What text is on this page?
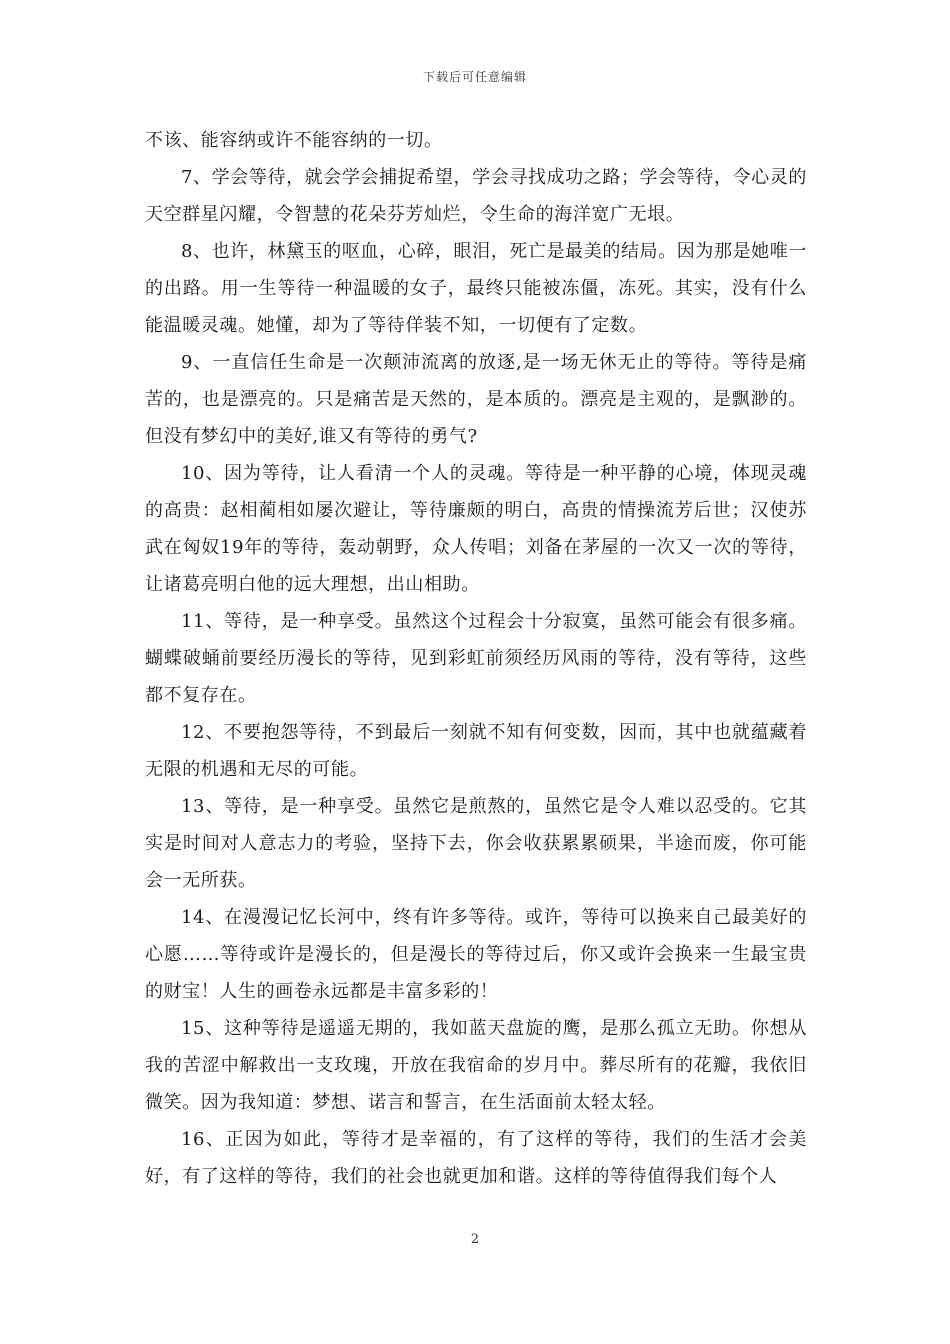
下载后可任意编辑

不该、能容纳或许不能容纳的一切。

7、学会等待，就会学会捕捉希望，学会寻找成功之路；学会等待，令心灵的天空群星闪耀，令智慧的花朵芬芳灿烂，令生命的海洋宽广无垠。

8、也许，林黛玉的呕血，心碎，眼泪，死亡是最美的结局。因为那是她唯一的出路。用一生等待一种温暖的女子，最终只能被冻僵，冻死。其实，没有什么能温暖灵魂。她懂，却为了等待佯装不知，一切便有了定数。

9、一直信任生命是一次颠沛流离的放逐,是一场无休无止的等待。等待是痛苦的，也是漂亮的。只是痛苦是天然的，是本质的。漂亮是主观的，是飘渺的。但没有梦幻中的美好,谁又有等待的勇气?

10、因为等待，让人看清一个人的灵魂。等待是一种平静的心境，体现灵魂的高贵：赵相蔺相如屡次避让，等待廉颇的明白，高贵的情操流芳后世；汉使苏武在匈奴19年的等待，轰动朝野，众人传唱；刘备在茅屋的一次又一次的等待，让诸葛亮明白他的远大理想，出山相助。

11、等待，是一种享受。虽然这个过程会十分寂寞，虽然可能会有很多痛。蝴蝶破蛹前要经历漫长的等待，见到彩虹前须经历风雨的等待，没有等待，这些都不复存在。

12、不要抱怨等待，不到最后一刻就不知有何变数，因而，其中也就蕴藏着无限的机遇和无尽的可能。

13、等待，是一种享受。虽然它是煎熬的，虽然它是令人难以忍受的。它其实是时间对人意志力的考验，坚持下去，你会收获累累硕果，半途而废，你可能会一无所获。

14、在漫漫记忆长河中，终有许多等待。或许，等待可以换来自己最美好的心愿……等待或许是漫长的，但是漫长的等待过后，你又或许会换来一生最宝贵的财宝！人生的画卷永远都是丰富多彩的！

15、这种等待是遥遥无期的，我如蓝天盘旋的鹰，是那么孤立无助。你想从我的苦涩中解救出一支玫瑰，开放在我宿命的岁月中。葬尽所有的花瓣，我依旧微笑。因为我知道：梦想、诺言和誓言，在生活面前太轻太轻。

16、正因为如此，等待才是幸福的，有了这样的等待，我们的生活才会美好，有了这样的等待，我们的社会也就更加和谐。这样的等待值得我们每个人

2
